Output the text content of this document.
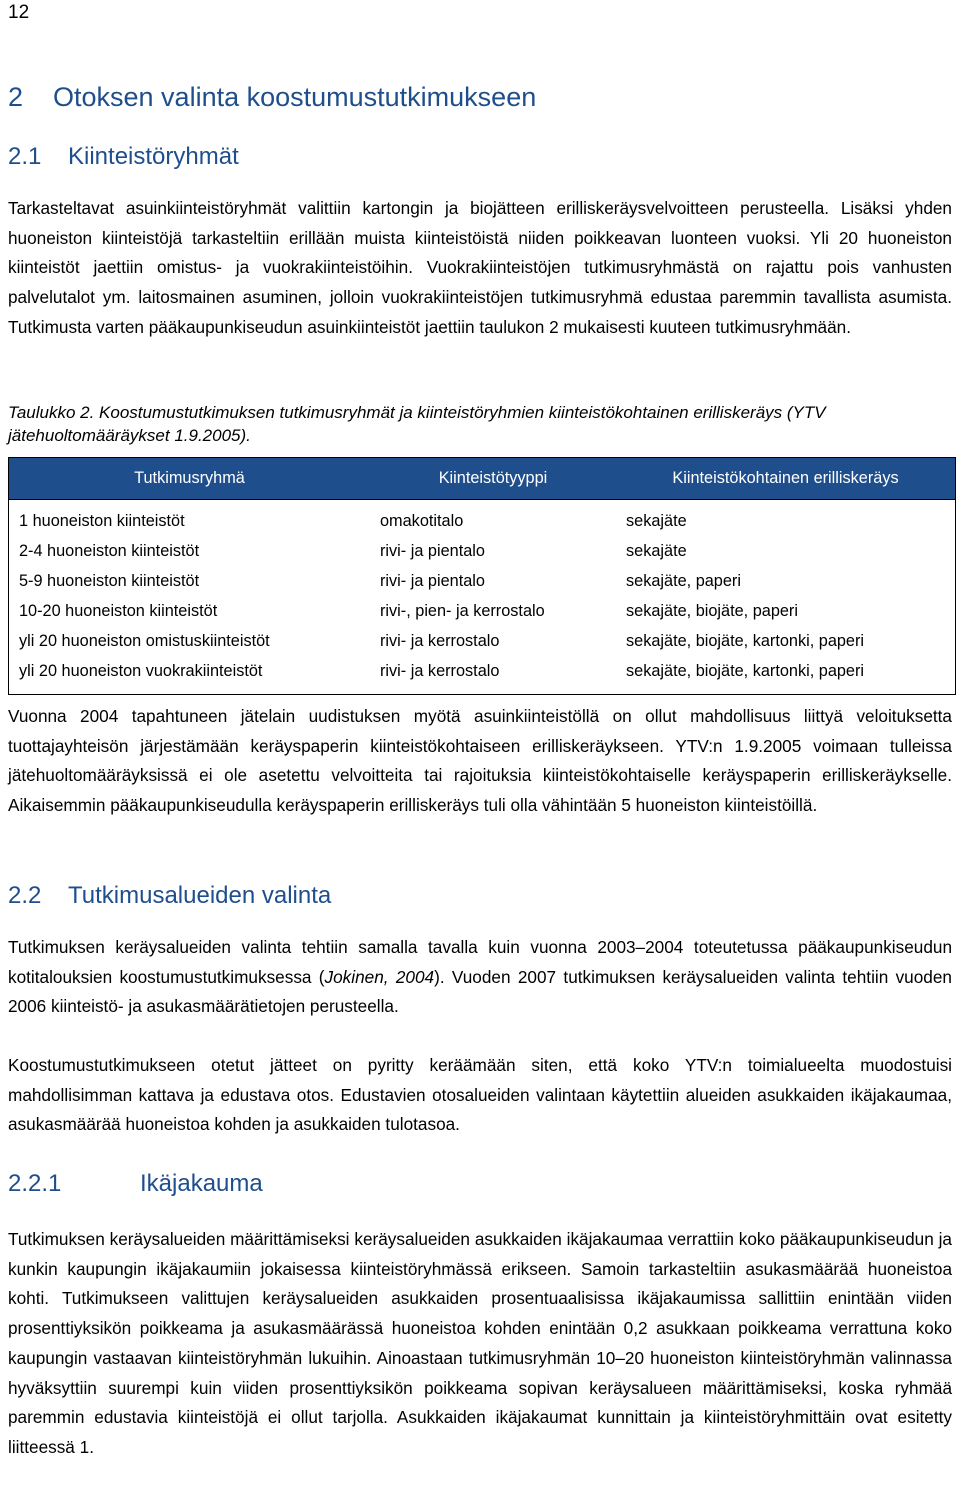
12
2 Otoksen valinta koostumustutkimukseen
2.1 Kiinteistöryhmät

Tarkasteltavat asuinkiinteistöryhmät valittiin kartongin ja biojätteen erilliskeräysvelvoitteen perusteella. Lisäksi yhden huoneiston kiinteistöjä tarkasteltiin erillään muista kiinteistöistä niiden poikkeavan luonteen vuoksi. Yli 20 huoneiston kiinteistöt jaettiin omistus- ja vuokrakiinteistöihin. Vuokrakiinteistöjen tutkimusryhmästä on rajattu pois vanhusten palvelutalot ym. laitosmainen asuminen, jolloin vuokrakiinteistöjen tutkimusryhmä edustaa paremmin tavallista asumista. Tutkimusta varten pääkaupunkiseudun asuinkiinteistöt jaettiin taulukon 2 mukaisesti kuuteen tutkimusryhmään.

Taulukko 2. Koostumustutkimuksen tutkimusryhmät ja kiinteistöryhmien kiinteistökohtainen erilliskeräys (YTV jätehuoltomääräykset 1.9.2005).
Tutkimusryhmä	Kiinteistötyyppi	Kiinteistökohtainen erilliskeräys
1 huoneiston kiinteistöt	omakotitalo	sekajäte
2-4 huoneiston kiinteistöt	rivi- ja pientalo	sekajäte
5-9 huoneiston kiinteistöt	rivi- ja pientalo	sekajäte, paperi
10-20 huoneiston kiinteistöt	rivi-, pien- ja kerrostalo	sekajäte, biojäte, paperi
yli 20 huoneiston omistuskiinteistöt	rivi- ja kerrostalo	sekajäte, biojäte, kartonki, paperi
yli 20 huoneiston vuokrakiinteistöt	rivi- ja kerrostalo	sekajäte, biojäte, kartonki, paperi

Vuonna 2004 tapahtuneen jätelain uudistuksen myötä asuinkiinteistöllä on ollut mahdollisuus liittyä veloituksetta tuottajayhteisön järjestämään keräyspaperin kiinteistökohtaiseen erilliskeräykseen. YTV:n 1.9.2005 voimaan tulleissa jätehuoltomääräyksissä ei ole asetettu velvoitteita tai rajoituksia kiinteistökohtaiselle keräyspaperin erilliskeräykselle. Aikaisemmin pääkaupunkiseudulla keräyspaperin erilliskeräys tuli olla vähintään 5 huoneiston kiinteistöillä.

2.2 Tutkimusalueiden valinta

Tutkimuksen keräysalueiden valinta tehtiin samalla tavalla kuin vuonna 2003–2004 toteutetussa pääkaupunkiseudun kotitalouksien koostumustutkimuksessa (Jokinen, 2004). Vuoden 2007 tutkimuksen keräysalueiden valinta tehtiin vuoden 2006 kiinteistö- ja asukasmäärätietojen perusteella.

Koostumustutkimukseen otetut jätteet on pyritty keräämään siten, että koko YTV:n toimialueelta muodostuisi mahdollisimman kattava ja edustava otos. Edustavien otosalueiden valintaan käytettiin alueiden asukkaiden ikäjakaumaa, asukasmäärää huoneistoa kohden ja asukkaiden tulotasoa.

2.2.1	Ikäjakauma

Tutkimuksen keräysalueiden määrittämiseksi keräysalueiden asukkaiden ikäjakaumaa verrattiin koko pääkaupunkiseudun ja kunkin kaupungin ikäjakaumiin jokaisessa kiinteistöryhmässä erikseen. Samoin tarkasteltiin asukasmäärää huoneistoa kohti. Tutkimukseen valittujen keräysalueiden asukkaiden prosentuaalisissa ikäjakaumissa sallittiin enintään viiden prosenttiyksikön poikkeama ja asukasmäärässä huoneistoa kohden enintään 0,2 asukkaan poikkeama verrattuna koko kaupungin vastaavan kiinteistöryhmän lukuihin. Ainoastaan tutkimusryhmän 10–20 huoneiston kiinteistöryhmän valinnassa hyväksyttiin suurempi kuin viiden prosenttiyksikön poikkeama sopivan keräysalueen määrittämiseksi, koska ryhmää paremmin edustavia kiinteistöjä ei ollut tarjolla. Asukkaiden ikäjakaumat kunnittain ja kiinteistöryhmittäin ovat esitetty liitteessä 1.
